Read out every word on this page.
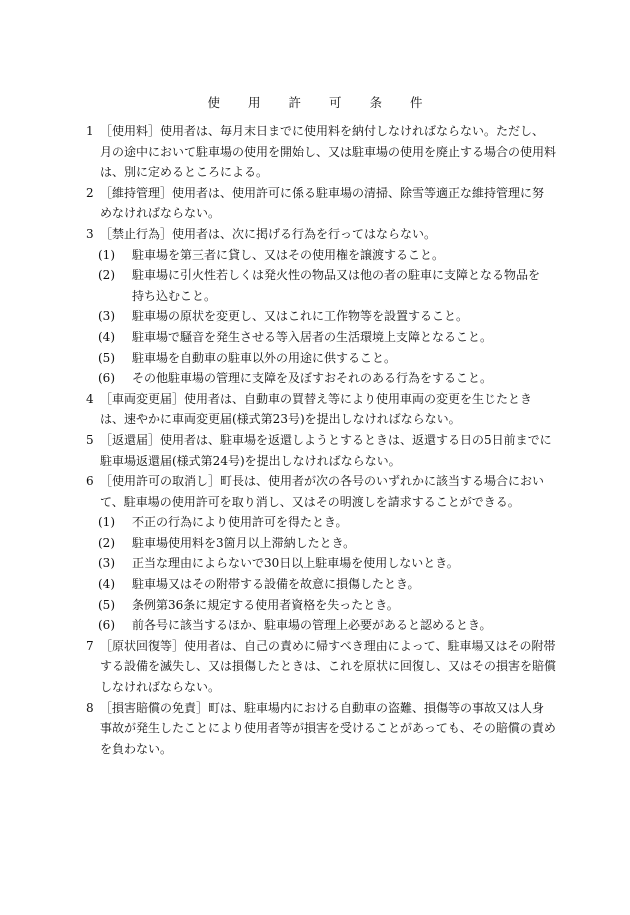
使 用 許 可 条 件
1 ［使用料］使用者は、毎月末日までに使用料を納付しなければならない。ただし、月の途中において駐車場の使用を開始し、又は駐車場の使用を廃止する場合の使用料は、別に定めるところによる。
2 ［維持管理］使用者は、使用許可に係る駐車場の清掃、除雪等適正な維持管理に努めなければならない。
3 ［禁止行為］使用者は、次に掲げる行為を行ってはならない。
(1)	駐車場を第三者に貸し、又はその使用権を譲渡すること。
(2)	駐車場に引火性若しくは発火性の物品又は他の者の駐車に支障となる物品を持ち込むこと。
(3)	駐車場の原状を変更し、又はこれに工作物等を設置すること。
(4)	駐車場で騒音を発生させる等入居者の生活環境上支障となること。
(5)	駐車場を自動車の駐車以外の用途に供すること。
(6)	その他駐車場の管理に支障を及ぼすおそれのある行為をすること。
4 ［車両変更届］使用者は、自動車の買替え等により使用車両の変更を生じたときは、速やかに車両変更届(様式第23号)を提出しなければならない。
5 ［返還届］使用者は、駐車場を返還しようとするときは、返還する日の5日前までに駐車場返還届(様式第24号)を提出しなければならない。
6 ［使用許可の取消し］町長は、使用者が次の各号のいずれかに該当する場合において、駐車場の使用許可を取り消し、又はその明渡しを請求することができる。
(1)	不正の行為により使用許可を得たとき。
(2)	駐車場使用料を3箇月以上滞納したとき。
(3)	正当な理由によらないで30日以上駐車場を使用しないとき。
(4)	駐車場又はその附帯する設備を故意に損傷したとき。
(5)	条例第36条に規定する使用者資格を失ったとき。
(6)	前各号に該当するほか、駐車場の管理上必要があると認めるとき。
7 ［原状回復等］使用者は、自己の責めに帰すべき理由によって、駐車場又はその附帯する設備を滅失し、又は損傷したときは、これを原状に回復し、又はその損害を賠償しなければならない。
8 ［損害賠償の免責］町は、駐車場内における自動車の盗難、損傷等の事故又は人身事故が発生したことにより使用者等が損害を受けることがあっても、その賠償の責めを負わない。
